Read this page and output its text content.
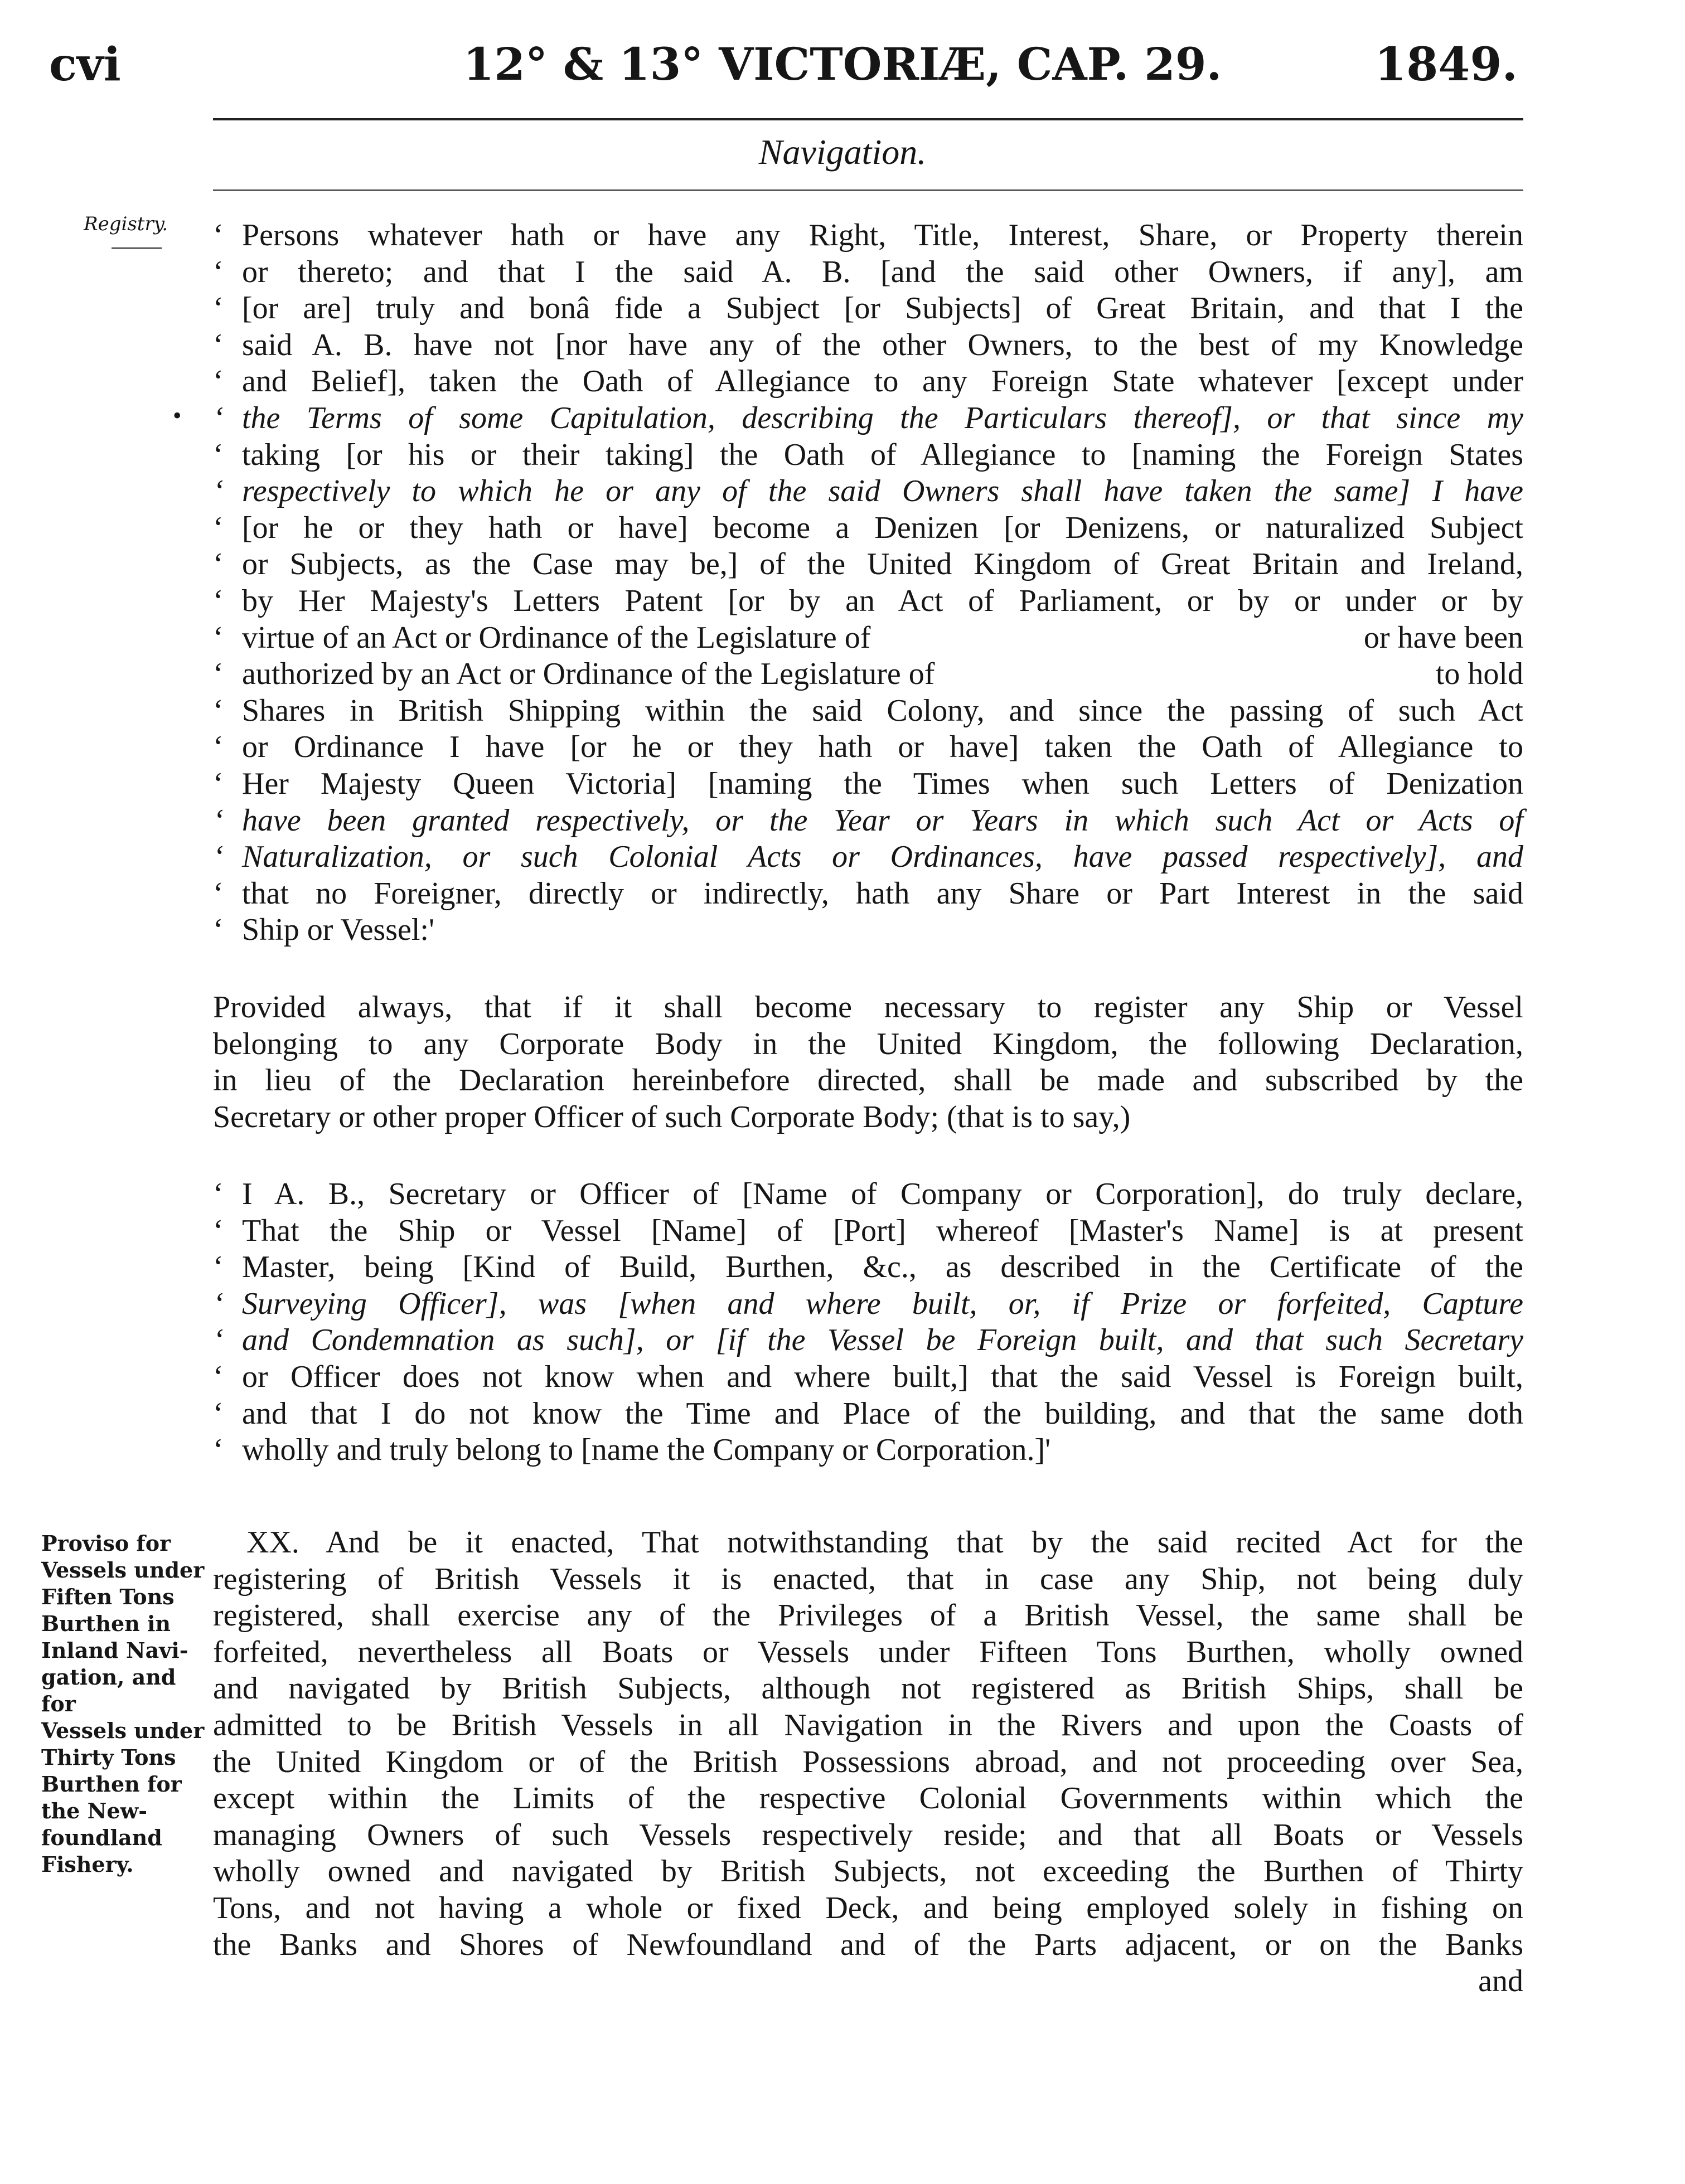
cvi	12° & 13° VICTORIÆ, CAP. 29.	1849.
Navigation.
Registry.
•
Proviso for
Vessels under
Fiften Tons
Burthen in
Inland Navi-
gation, and for
Vessels under
Thirty Tons
Burthen for
the New-
foundland
Fishery.
‘ Persons whatever hath or have any Right, Title, Interest, Share, or Property therein
‘ or thereto; and that I the said A. B. [and the said other Owners, if any], am
‘ [or are] truly and bonâ fide a Subject [or Subjects] of Great Britain, and that I the
‘ said A. B. have not [nor have any of the other Owners, to the best of my Knowledge
‘ and Belief], taken the Oath of Allegiance to any Foreign State whatever [except under
‘ the Terms of some Capitulation, describing the Particulars thereof], or that since my
‘ taking [or his or their taking] the Oath of Allegiance to [naming the Foreign States
‘ respectively to which he or any of the said Owners shall have taken the same] I have
‘ [or he or they hath or have] become a Denizen [or Denizens, or naturalized Subject
‘ or Subjects, as the Case may be,] of the United Kingdom of Great Britain and Ireland,
‘ by Her Majesty's Letters Patent [or by an Act of Parliament, or by or under or by
‘ virtue of an Act or Ordinance of the Legislature of	or have been
‘ authorized by an Act or Ordinance of the Legislature of	to hold
‘ Shares in British Shipping within the said Colony, and since the passing of such Act
‘ or Ordinance I have [or he or they hath or have] taken the Oath of Allegiance to
‘ Her Majesty Queen Victoria] [naming the Times when such Letters of Denization
‘ have been granted respectively, or the Year or Years in which such Act or Acts of
‘ Naturalization, or such Colonial Acts or Ordinances, have passed respectively], and
‘ that no Foreigner, directly or indirectly, hath any Share or Part Interest in the said
‘ Ship or Vessel:'
Provided always, that if it shall become necessary to register any Ship or Vessel
belonging to any Corporate Body in the United Kingdom, the following Declaration,
in lieu of the Declaration hereinbefore directed, shall be made and subscribed by the
Secretary or other proper Officer of such Corporate Body; (that is to say,)
‘ I A. B., Secretary or Officer of [Name of Company or Corporation], do truly declare,
‘ That the Ship or Vessel [Name] of [Port] whereof [Master's Name] is at present
‘ Master, being [Kind of Build, Burthen, &c., as described in the Certificate of the
‘ Surveying Officer], was [when and where built, or, if Prize or forfeited, Capture
‘ and Condemnation as such], or [if the Vessel be Foreign built, and that such Secretary
‘ or Officer does not know when and where built,] that the said Vessel is Foreign built,
‘ and that I do not know the Time and Place of the building, and that the same doth
‘ wholly and truly belong to [name the Company or Corporation.]'
XX. And be it enacted, That notwithstanding that by the said recited Act for the
registering of British Vessels it is enacted, that in case any Ship, not being duly
registered, shall exercise any of the Privileges of a British Vessel, the same shall be
forfeited, nevertheless all Boats or Vessels under Fifteen Tons Burthen, wholly owned
and navigated by British Subjects, although not registered as British Ships, shall be
admitted to be British Vessels in all Navigation in the Rivers and upon the Coasts of
the United Kingdom or of the British Possessions abroad, and not proceeding over Sea,
except within the Limits of the respective Colonial Governments within which the
managing Owners of such Vessels respectively reside; and that all Boats or Vessels
wholly owned and navigated by British Subjects, not exceeding the Burthen of Thirty
Tons, and not having a whole or fixed Deck, and being employed solely in fishing on
the Banks and Shores of Newfoundland and of the Parts adjacent, or on the Banks
and
